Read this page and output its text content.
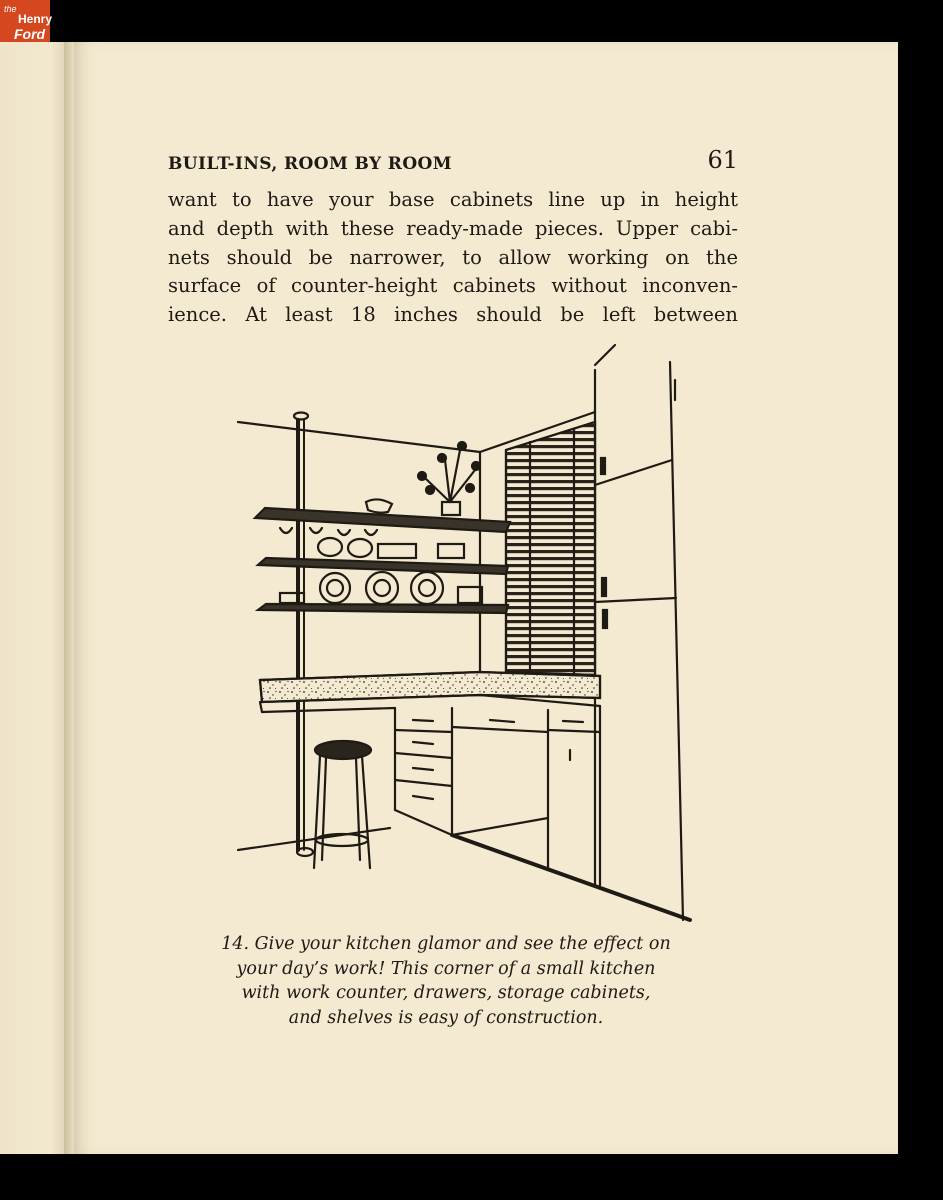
the
Henry
Ford
BUILT-INS, ROOM BY ROOM	61

want to have your base cabinets line up in height
and depth with these ready-made pieces. Upper cabi-
nets should be narrower, to allow working on the
surface of counter-height cabinets without inconven-
ience. At least 18 inches should be left between

14. Give your kitchen glamor and see the effect on
your day’s work! This corner of a small kitchen
with work counter, drawers, storage cabinets,
and shelves is easy of construction.
